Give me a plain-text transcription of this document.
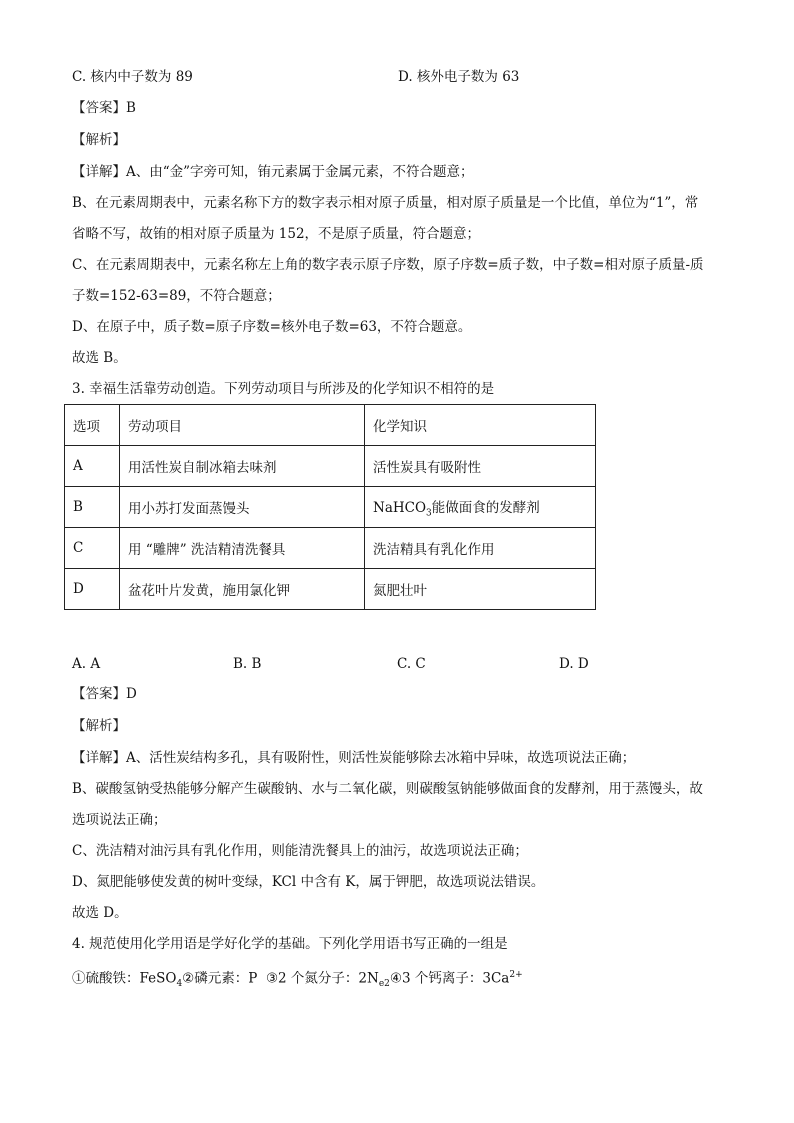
C. 核内中子数为 89	D. 核外电子数为 63
【答案】B
【解析】
【详解】A、由“金”字旁可知，铕元素属于金属元素，不符合题意；
B、在元素周期表中，元素名称下方的数字表示相对原子质量，相对原子质量是一个比值，单位为“1”，常
省略不写，故铕的相对原子质量为 152，不是原子质量，符合题意；
C、在元素周期表中，元素名称左上角的数字表示原子序数，原子序数=质子数，中子数=相对原子质量-质
子数=152-63=89，不符合题意；
D、在原子中，质子数=原子序数=核外电子数=63，不符合题意。
故选 B。
3. 幸福生活靠劳动创造。下列劳动项目与所涉及的化学知识不相符的是
选项	劳动项目	化学知识
A	用活性炭自制冰箱去味剂	活性炭具有吸附性
B	用小苏打发面蒸馒头	NaHCO$_3$能做面食的发酵剂
C	用 “雕牌” 洗洁精清洗餐具	洗洁精具有乳化作用
D	盆花叶片发黄，施用氯化钾	氮肥壮叶
A. A	B. B	C. C	D. D
【答案】D
【解析】
【详解】A、活性炭结构多孔，具有吸附性，则活性炭能够除去冰箱中异味，故选项说法正确；
B、碳酸氢钠受热能够分解产生碳酸钠、水与二氧化碳，则碳酸氢钠能够做面食的发酵剂，用于蒸馒头，故
选项说法正确；
C、洗洁精对油污具有乳化作用，则能清洗餐具上的油污，故选项说法正确；
D、氮肥能够使发黄的树叶变绿，KCl 中含有 K，属于钾肥，故选项说法错误。
故选 D。
4. 规范使用化学用语是学好化学的基础。下列化学用语书写正确的一组是
①硫酸铁：FeSO$_4$②磷元素：P ③2 个氮分子：$2N_{e2}④3$ 个钙离子：$3Ca^{2+}$
